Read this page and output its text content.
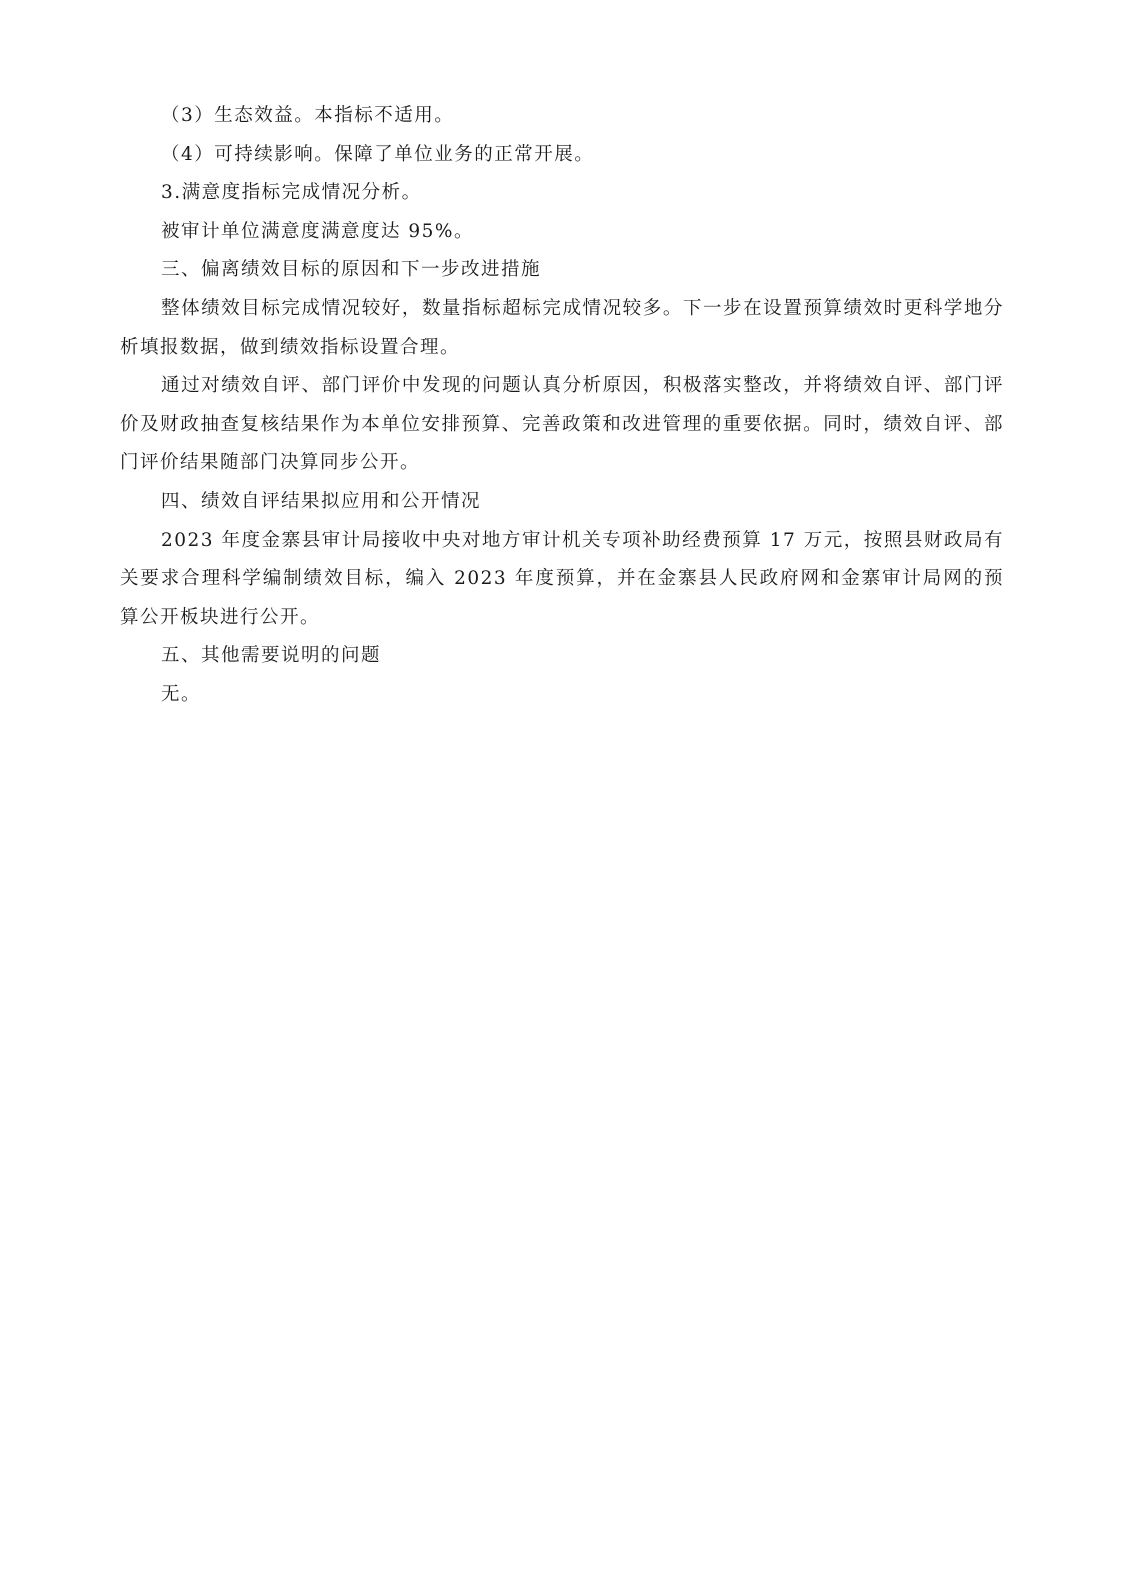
（3）生态效益。本指标不适用。

（4）可持续影响。保障了单位业务的正常开展。

3.满意度指标完成情况分析。

被审计单位满意度满意度达 95%。

三、偏离绩效目标的原因和下一步改进措施

整体绩效目标完成情况较好，数量指标超标完成情况较多。下一步在设置预算绩效时更科学地分析填报数据，做到绩效指标设置合理。

通过对绩效自评、部门评价中发现的问题认真分析原因，积极落实整改，并将绩效自评、部门评价及财政抽查复核结果作为本单位安排预算、完善政策和改进管理的重要依据。同时，绩效自评、部门评价结果随部门决算同步公开。

四、绩效自评结果拟应用和公开情况

2023 年度金寨县审计局接收中央对地方审计机关专项补助经费预算 17 万元，按照县财政局有关要求合理科学编制绩效目标，编入 2023 年度预算，并在金寨县人民政府网和金寨审计局网的预算公开板块进行公开。

五、其他需要说明的问题

无。
